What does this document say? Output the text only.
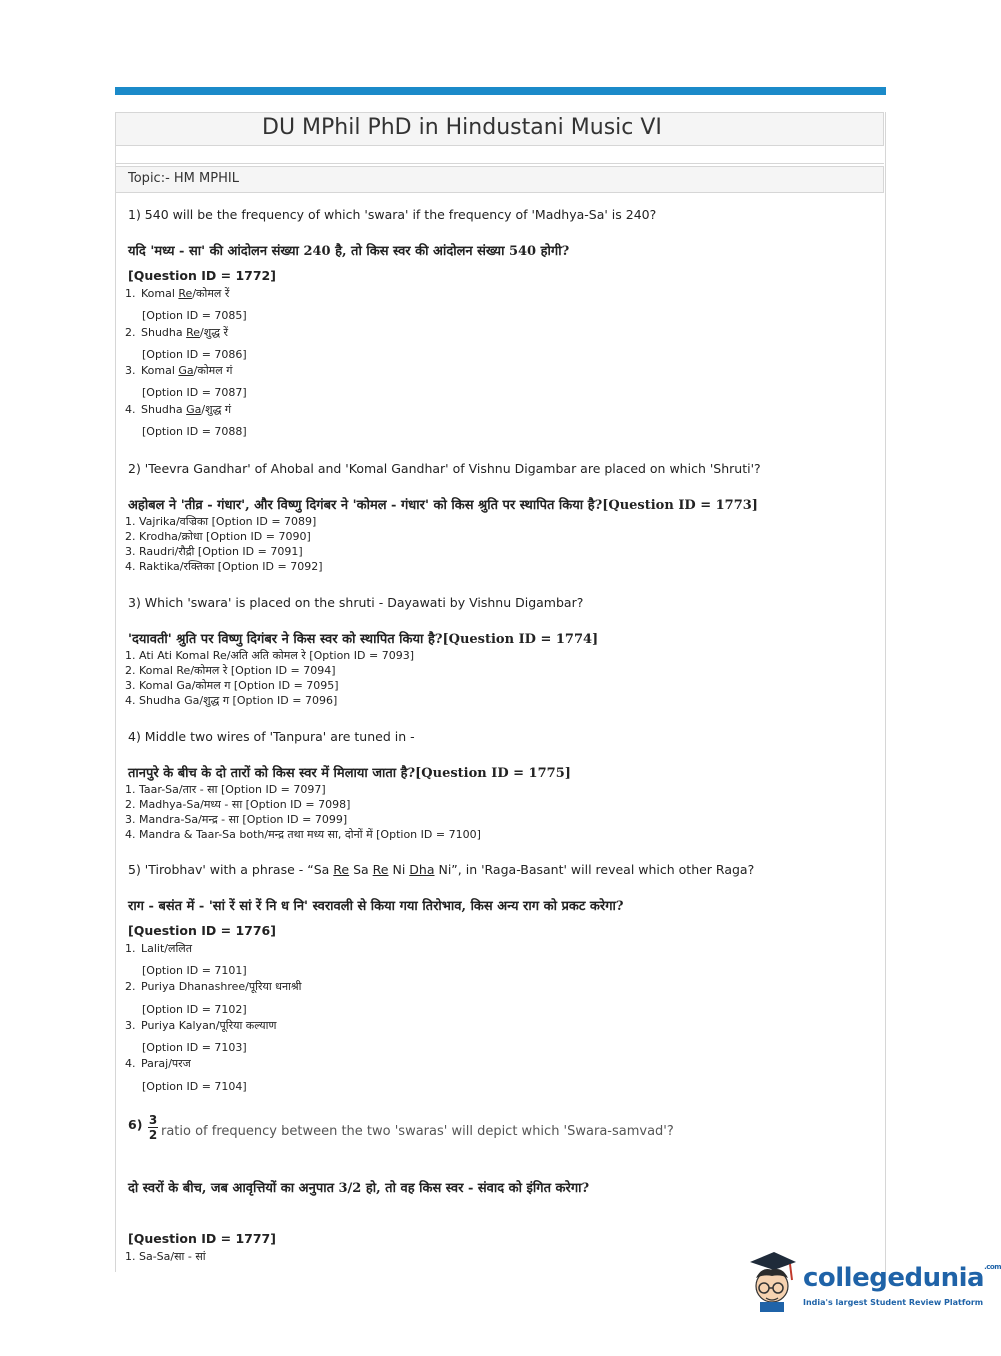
DU MPhil PhD in Hindustani Music VI
Topic:- HM MPHIL
1) 540 will be the frequency of which 'swara' if the frequency of 'Madhya-Sa' is 240?
यदि 'मध्य - सा' की आंदोलन संख्या 240 है, तो किस स्वर की आंदोलन संख्या 540 होगी?
[Question ID = 1772]
1. Komal Re/कोमल रें
[Option ID = 7085]
2. Shudha Re/शुद्ध रें
[Option ID = 7086]
3. Komal Ga/कोमल गं
[Option ID = 7087]
4. Shudha Ga/शुद्ध गं
[Option ID = 7088]
2) 'Teevra Gandhar' of Ahobal and 'Komal Gandhar' of Vishnu Digambar are placed on which 'Shruti'?
अहोबल ने 'तीव्र - गंधार', और विष्णु दिगंबर ने 'कोमल - गंधार' को किस श्रुति पर स्थापित किया है?[Question ID = 1773]
1. Vajrika/वज्रिका [Option ID = 7089]
2. Krodha/क्रोधा [Option ID = 7090]
3. Raudri/रौद्री [Option ID = 7091]
4. Raktika/रक्तिका [Option ID = 7092]
3) Which 'swara' is placed on the shruti - Dayawati by Vishnu Digambar?
'दयावती' श्रुति पर विष्णु दिगंबर ने किस स्वर को स्थापित किया है?[Question ID = 1774]
1. Ati Ati Komal Re/अति अति कोमल रे [Option ID = 7093]
2. Komal Re/कोमल रे [Option ID = 7094]
3. Komal Ga/कोमल ग [Option ID = 7095]
4. Shudha Ga/शुद्ध ग [Option ID = 7096]
4) Middle two wires of 'Tanpura' are tuned in -
तानपुरे के बीच के दो तारों को किस स्वर में मिलाया जाता है?[Question ID = 1775]
1. Taar-Sa/तार - सा [Option ID = 7097]
2. Madhya-Sa/मध्य - सा [Option ID = 7098]
3. Mandra-Sa/मन्द्र - सा [Option ID = 7099]
4. Mandra & Taar-Sa both/मन्द्र तथा मध्य सा, दोनों में [Option ID = 7100]
5) 'Tirobhav' with a phrase - “Sa Re Sa Re Ni Dha Ni”, in 'Raga-Basant' will reveal which other Raga?
राग - बसंत में - 'सां रें सां रें नि ध नि' स्वरावली से किया गया तिरोभाव, किस अन्य राग को प्रकट करेगा?
[Question ID = 1776]
1. Lalit/ललित
[Option ID = 7101]
2. Puriya Dhanashree/पूरिया धनाश्री
[Option ID = 7102]
3. Puriya Kalyan/पूरिया कल्याण
[Option ID = 7103]
4. Paraj/परज
[Option ID = 7104]
$6) \frac{3}{2}$ ratio of frequency between the two 'swaras' will depict which 'Swara-samvad'?
दो स्वरों के बीच, जब आवृत्तियों का अनुपात 3/2 हो, तो वह किस स्वर - संवाद को इंगित करेगा?
[Question ID = 1777]
1. Sa-Sa/सा - सां
collegedunia$^{.com}$
India's largest Student Review Platform
